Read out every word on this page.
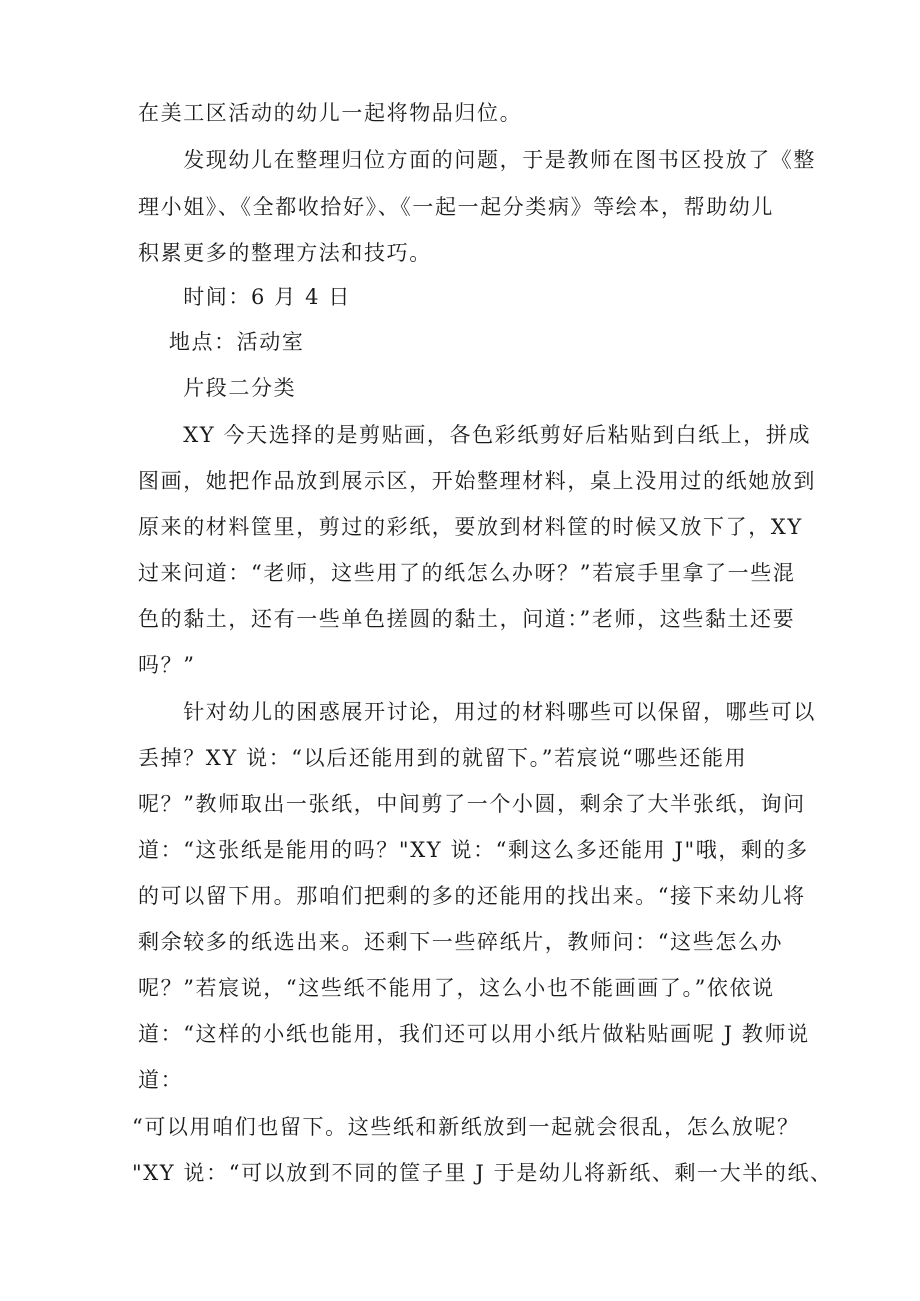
在美工区活动的幼儿一起将物品归位。
　　发现幼儿在整理归位方面的问题，于是教师在图书区投放了《整
理小姐》、《全都收拾好》、《一起一起分类病》等绘本，帮助幼儿
积累更多的整理方法和技巧。
　　时间：6 月 4 日
　 地点：活动室
　　片段二分类
　　XY 今天选择的是剪贴画，各色彩纸剪好后粘贴到白纸上，拼成
图画，她把作品放到展示区，开始整理材料，桌上没用过的纸她放到
原来的材料筐里，剪过的彩纸，要放到材料筐的时候又放下了，XY
过来问道：“老师，这些用了的纸怎么办呀？”若宸手里拿了一些混
色的黏土，还有一些单色搓圆的黏土，问道：”老师，这些黏土还要
吗？”
　　针对幼儿的困惑展开讨论，用过的材料哪些可以保留，哪些可以
丢掉？XY 说：“以后还能用到的就留下。”若宸说“哪些还能用
呢？”教师取出一张纸，中间剪了一个小圆，剩余了大半张纸，询问
道：“这张纸是能用的吗？"XY 说：“剩这么多还能用 J"哦，剩的多
的可以留下用。那咱们把剩的多的还能用的找出来。“接下来幼儿将
剩余较多的纸选出来。还剩下一些碎纸片，教师问：“这些怎么办
呢？”若宸说，“这些纸不能用了，这么小也不能画画了。”依依说
道：“这样的小纸也能用，我们还可以用小纸片做粘贴画呢 J 教师说
道：
“可以用咱们也留下。这些纸和新纸放到一起就会很乱，怎么放呢？
"XY 说：“可以放到不同的筐子里 J 于是幼儿将新纸、剩一大半的纸、
